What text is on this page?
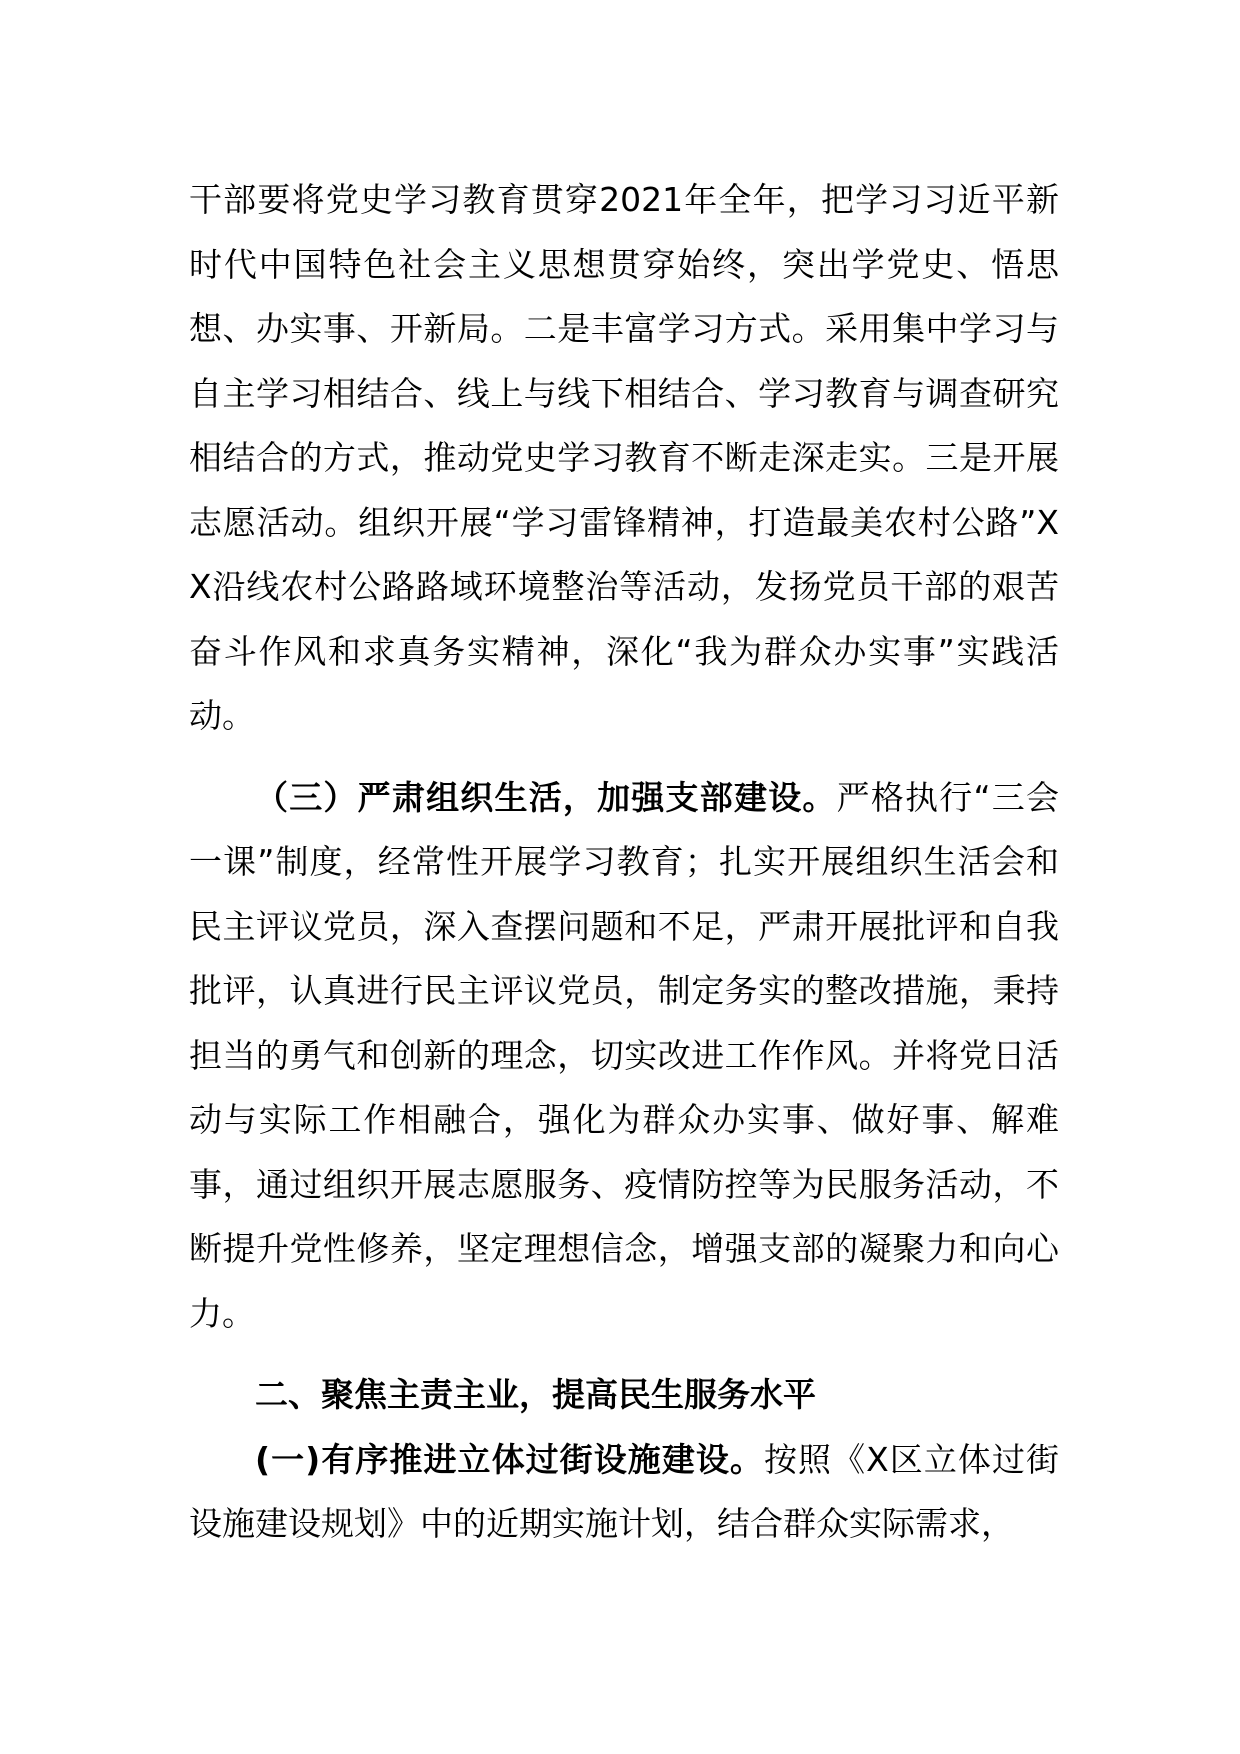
干部要将党史学习教育贯穿2021年全年，把学习习近平新时代中国特色社会主义思想贯穿始终，突出学党史、悟思想、办实事、开新局。二是丰富学习方式。采用集中学习与自主学习相结合、线上与线下相结合、学习教育与调查研究相结合的方式，推动党史学习教育不断走深走实。三是开展志愿活动。组织开展“学习雷锋精神，打造最美农村公路”XX沿线农村公路路域环境整治等活动，发扬党员干部的艰苦奋斗作风和求真务实精神，深化“我为群众办实事”实践活动。

（三）严肃组织生活，加强支部建设。严格执行“三会一课”制度，经常性开展学习教育；扎实开展组织生活会和民主评议党员，深入查摆问题和不足，严肃开展批评和自我批评，认真进行民主评议党员，制定务实的整改措施，秉持担当的勇气和创新的理念，切实改进工作作风。并将党日活动与实际工作相融合，强化为群众办实事、做好事、解难事，通过组织开展志愿服务、疫情防控等为民服务活动，不断提升党性修养，坚定理想信念，增强支部的凝聚力和向心力。

二、聚焦主责主业，提高民生服务水平

(一)有序推进立体过街设施建设。按照《X区立体过街设施建设规划》中的近期实施计划，结合群众实际需求，
